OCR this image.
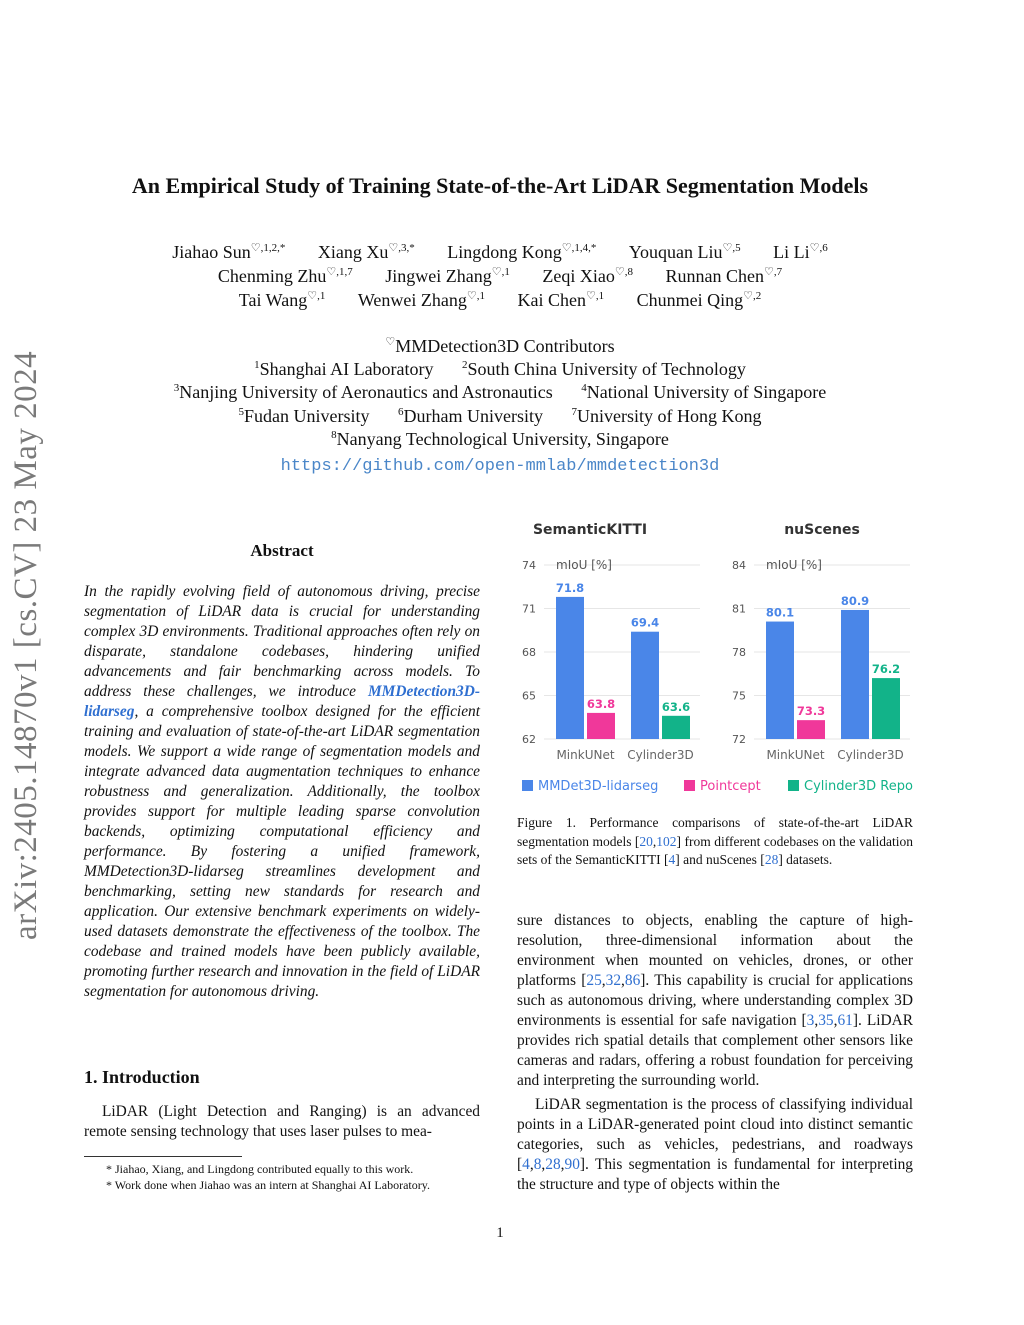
arXiv:2405.14870v1 [cs.CV] 23 May 2024
An Empirical Study of Training State-of-the-Art LiDAR Segmentation Models
Jiahao Sun$^{♡,1,2,*}$ Xiang $Xu^{♡,3,*}$ Lingdong Kong$^{♡,1,4,*}$ Youquan Liu$^{♡,5}$ Li $Li^{♡,6}$
Chenming Zhu$^{♡,1,7}$ Jingwei Zhang$^{♡,1}$ Zeqi Xiao$^{♡,8}$ Runnan Chen$^{♡,7}$
Tai Wang$^{♡,1}$ Wenwei Zhang$^{♡,1}$ Kai Chen$^{♡,1}$ Chunmei Qing$^{♡,2}$
♡MMDetection3D Contributors
$^1$Shanghai AI Laboratory	$^2$South China University of Technology
$^3$Nanjing University of Aeronautics and Astronautics	$^4$National University of Singapore
$^5$Fudan University	$^6$Durham University	$^7$University of Hong Kong
$^8$Nanyang Technological University, Singapore
https://github.com/open-mmlab/mmdetection3d
Abstract
In the rapidly evolving field of autonomous driving, precise segmentation of LiDAR data is crucial for understanding complex 3D environments. Traditional approaches often rely on disparate, standalone codebases, hindering unified advancements and fair benchmarking across models. To address these challenges, we introduce MMDetection3D-lidarseg, a comprehensive toolbox designed for the efficient training and evaluation of state-of-the-art LiDAR segmentation models. We support a wide range of segmentation models and integrate advanced data augmentation techniques to enhance robustness and generalization. Additionally, the toolbox provides support for multiple leading sparse convolution backends, optimizing computational efficiency and performance. By fostering a unified framework, MMDetection3D-lidarseg streamlines development and benchmarking, setting new standards for research and application. Our extensive benchmark experiments on widely-used datasets demonstrate the effectiveness of the toolbox. The codebase and trained models have been publicly available, promoting further research and innovation in the field of LiDAR segmentation for autonomous driving.
1. Introduction
LiDAR (Light Detection and Ranging) is an advanced remote sensing technology that uses laser pulses to mea-
* Jiahao, Xiang, and Lingdong contributed equally to this work.
* Work done when Jiahao was an intern at Shanghai AI Laboratory.
SemanticKITTI
62
65
68
71
74 mIoU [%]
71.8
63.8
MinkUNet
69.4
63.6
Cylinder3D
nuScenes
72
75
78
81
84 mIoU [%]
80.1
73.3
MinkUNet
80.9
76.2
Cylinder3D
MMDet3D-lidarseg	Pointcept	Cylinder3D Repo
Figure 1. Performance comparisons of state-of-the-art LiDAR segmentation models [20,102] from different codebases on the validation sets of the SemanticKITTI [4] and nuScenes [28] datasets.

sure distances to objects, enabling the capture of high-resolution, three-dimensional information about the environment when mounted on vehicles, drones, or other platforms [25,32,86]. This capability is crucial for applications such as autonomous driving, where understanding complex 3D environments is essential for safe navigation [3,35,61]. LiDAR provides rich spatial details that complement other sensors like cameras and radars, offering a robust foundation for perceiving and interpreting the surrounding world.

LiDAR segmentation is the process of classifying individual points in a LiDAR-generated point cloud into distinct semantic categories, such as vehicles, pedestrians, and roadways [4,8,28,90]. This segmentation is fundamental for interpreting the structure and type of objects within the

1
